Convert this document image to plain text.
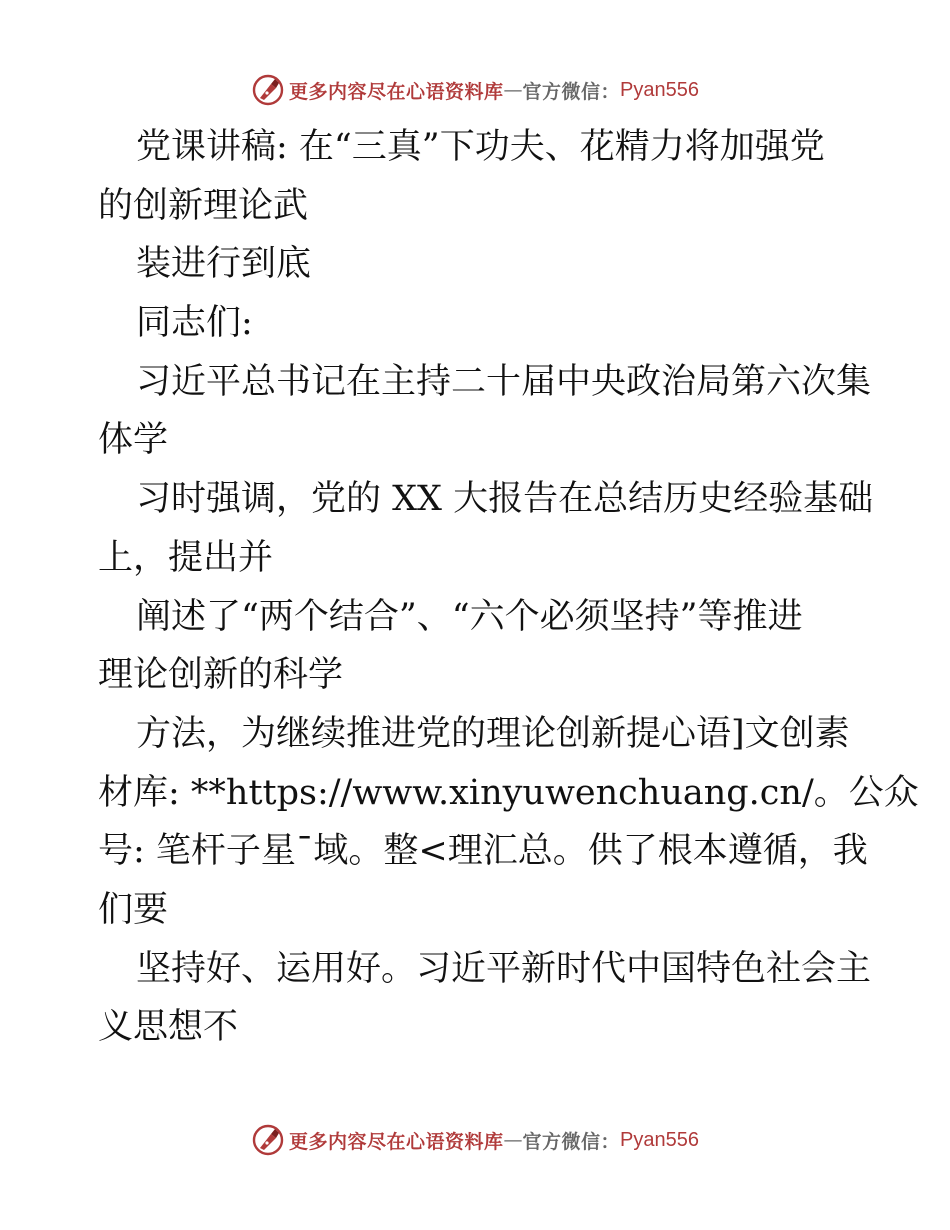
更多内容尽在心语资料库 — 官方微信： Pyan556
党课讲稿: 在“三真”下功夫、花精力将加强党
的创新理论武
装进行到底
同志们:
习近平总书记在主持二十届中央政治局第六次集
体学
习时强调，党的 XX 大报告在总结历史经验基础
上，提出并
阐述了“两个结合”、“六个必须坚持”等推进
理论创新的科学
方法，为继续推进党的理论创新提心语]文创素
材库: **https://www.xinyuwenchuang.cn/。公众
号: 笔杆子星¯域。整<理汇总。供了根本遵循，我
们要
坚持好、运用好。习近平新时代中国特色社会主
义思想不
更多内容尽在心语资料库 — 官方微信： Pyan556
